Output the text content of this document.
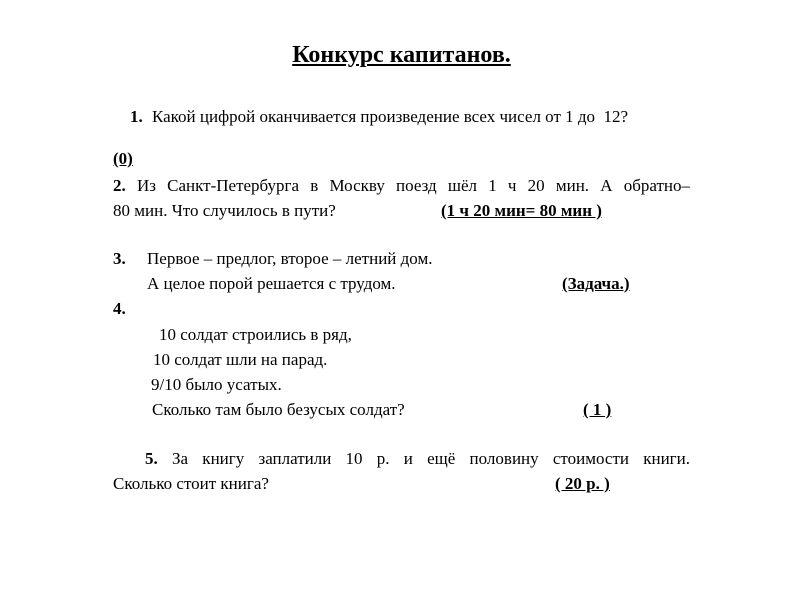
Конкурс капитанов.
1. Какой цифрой оканчивается произведение всех чисел от 1 до  12?
(0)
2. Из Санкт-Петербурга в Москву поезд шёл 1 ч 20 мин. А обратно–
80 мин. Что случилось в пути?	(1 ч 20 мин= 80 мин )
3. Первое – предлог, второе – летний дом.
А целое порой решается с трудом.	(Задача.)
4.
10 солдат строились в ряд,
10 солдат шли на парад.
9/10 было усатых.
Сколько там было безусых солдат?	( 1 )
5. За книгу заплатили 10 р. и ещё половину стоимости книги.
Сколько стоит книга?	( 20 р. )
